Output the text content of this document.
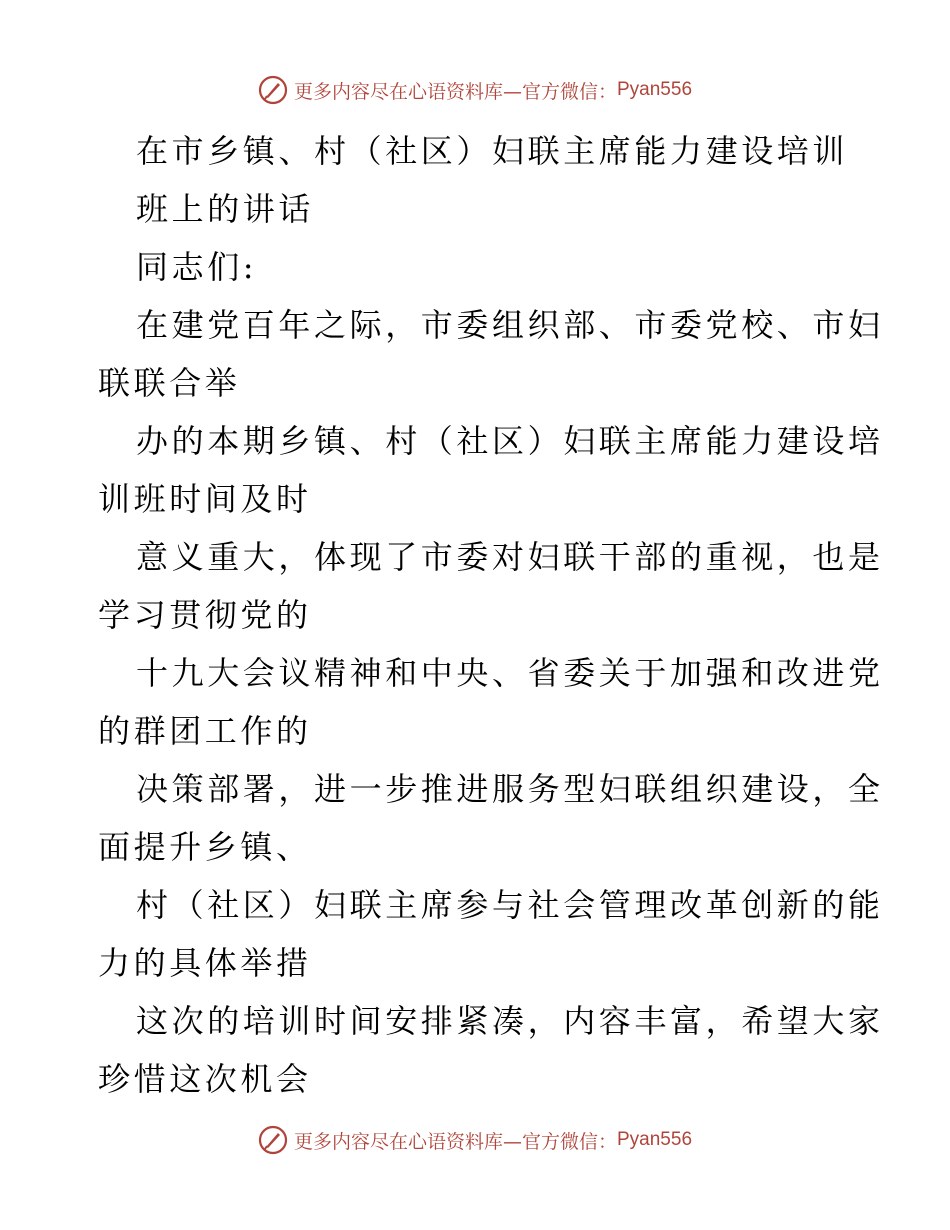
更多内容尽在心语资料库—官方微信： Pyan556
在市乡镇、村（社区）妇联主席能力建设培训
班上的讲话
同志们:
在建党百年之际，市委组织部、市委党校、市妇
联联合举
办的本期乡镇、村（社区）妇联主席能力建设培
训班时间及时
意义重大，体现了市委对妇联干部的重视，也是
学习贯彻党的
十九大会议精神和中央、省委关于加强和改进党
的群团工作的
决策部署，进一步推进服务型妇联组织建设，全
面提升乡镇、
村（社区）妇联主席参与社会管理改革创新的能
力的具体举措
这次的培训时间安排紧凑，内容丰富，希望大家
珍惜这次机会
更多内容尽在心语资料库—官方微信： Pyan556
